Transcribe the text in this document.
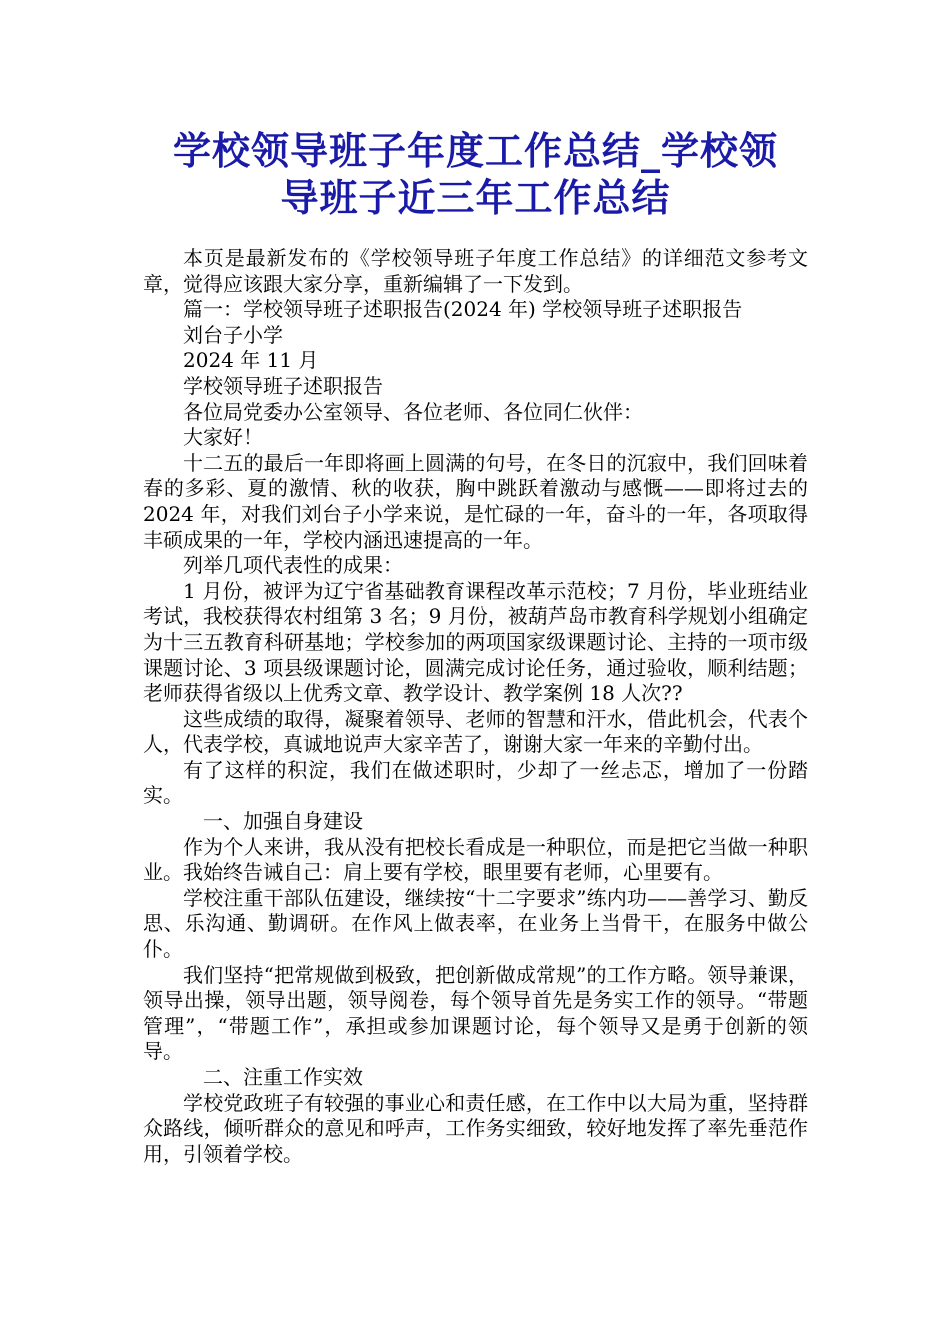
学校领导班子年度工作总结_学校领
导班子近三年工作总结

本页是最新发布的《学校领导班子年度工作总结》的详细范文参考文章，觉得应该跟大家分享，重新编辑了一下发到。

篇一：学校领导班子述职报告(2024 年) 学校领导班子述职报告

刘台子小学

2024 年 11 月

学校领导班子述职报告

各位局党委办公室领导、各位老师、各位同仁伙伴：

大家好！

十二五的最后一年即将画上圆满的句号，在冬日的沉寂中，我们回味着春的多彩、夏的激情、秋的收获，胸中跳跃着激动与感慨——即将过去的 2024 年，对我们刘台子小学来说，是忙碌的一年，奋斗的一年，各项取得丰硕成果的一年，学校内涵迅速提高的一年。

列举几项代表性的成果：

1 月份，被评为辽宁省基础教育课程改革示范校；7 月份，毕业班结业考试，我校获得农村组第 3 名；9 月份，被葫芦岛市教育科学规划小组确定为十三五教育科研基地；学校参加的两项国家级课题讨论、主持的一项市级课题讨论、3 项县级课题讨论，圆满完成讨论任务，通过验收，顺利结题；老师获得省级以上优秀文章、教学设计、教学案例 18 人次??

这些成绩的取得，凝聚着领导、老师的智慧和汗水，借此机会，代表个人，代表学校，真诚地说声大家辛苦了，谢谢大家一年来的辛勤付出。

有了这样的积淀，我们在做述职时，少却了一丝忐忑，增加了一份踏实。

一、加强自身建设

作为个人来讲，我从没有把校长看成是一种职位，而是把它当做一种职业。我始终告诫自己：肩上要有学校，眼里要有老师，心里要有。

学校注重干部队伍建设，继续按“十二字要求”练内功——善学习、勤反思、乐沟通、勤调研。在作风上做表率，在业务上当骨干，在服务中做公仆。

我们坚持“把常规做到极致，把创新做成常规”的工作方略。领导兼课，领导出操，领导出题，领导阅卷，每个领导首先是务实工作的领导。“带题管理”，“带题工作”，承担或参加课题讨论，每个领导又是勇于创新的领导。

二、注重工作实效

学校党政班子有较强的事业心和责任感，在工作中以大局为重，坚持群众路线，倾听群众的意见和呼声，工作务实细致，较好地发挥了率先垂范作用，引领着学校。
